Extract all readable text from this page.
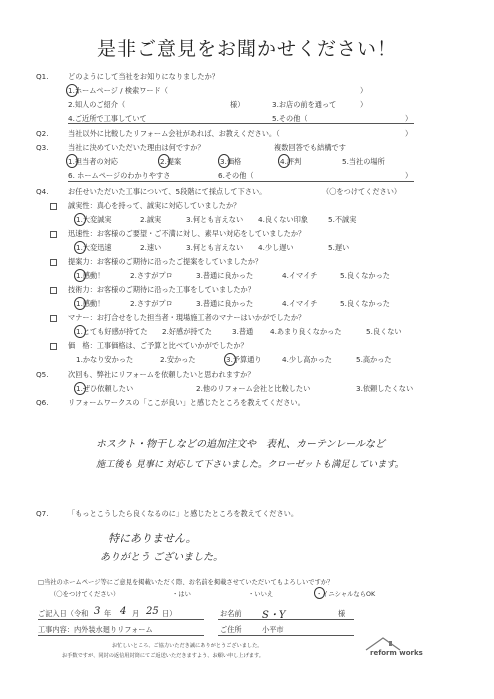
是非ご意見をお聞かせください！
Q1.	どのようにして当社をお知りになりましたか？
1.ホームページ / 検索ワード（	）
2.知人のご紹介（	様）	3.お店の前を通って	）
4.ご近所で工事していて	5.その他（	）
Q2.	当社以外に比較したリフォーム会社があれば、お教えください。（	）
Q3.	当社に決めていただいた理由は何ですか？	複数回答でも結構です
1.担当者の対応	2.提案	3.価格	4.評判	5.当社の場所
6. ホームページのわかりやすさ	6.その他（	）
Q4.	お任せいただいた工事について、5段階にて採点して下さい。	（〇をつけてください）
誠実性：真心を持って、誠実に対応していましたか？
1.大変誠実	2.誠実	3.何とも言えない 4.良くない印象	5.不誠実
迅速性：お客様のご要望・ご不満に対し、素早い対応をしていましたか？
1.大変迅速	2.速い	3.何とも言えない 4.少し遅い	5.遅い
提案力：お客様のご期待に沿ったご提案をしていましたか？
1.感動！	2.さすがプロ	3.普通に良かった	4.イマイチ	5.良くなかった
技術力：お客様のご期待に沿った工事をしていましたか？
1.感動！	2.さすがプロ	3.普通に良かった	4.イマイチ	5.良くなかった
マナー：お打合せをした担当者・現場施工者のマナーはいかがでしたか？
1.とても好感が持てた 2.好感が持てた	3.普通 4.あまり良くなかった	5.良くない
価　格：工事価格は、ご予算と比べていかがでしたか？
1.かなり安かった	2.安かった	3.予算通り	4.少し高かった	5.高かった
Q5.	次回も、弊社にリフォームを依頼したいと思われますか？
1.ぜひ依頼したい	2.他のリフォーム会社と比較したい	3.依頼したくない
Q6.	リフォームワークスの「ここが良い」と感じたところを教えてください。
ホスクト・物干しなどの追加注文や　表札、カーテンレールなど
施工後も 見事に 対応して下さいました。クローゼットも満足しています。
Q7.	「もっとこうしたら良くなるのに」と感じたところを教えてください。
特にありません。
ありがとう ございました。
□当社のホームページ等にご意見を掲載いただく際、お名前を掲載させていただいてもよろしいですか？
（〇をつけてください）	・はい	・いいえ	・イニシャルならOK
ご記入日（令和 3 年 4 月 25 日）	お名前 S・Y	様
工事内容：内外装水廻りリフォーム	ご住所	小平市
お忙しいところ、ご協力いただき誠にありがとうございました。
お手数ですが、同封の返信用封筒にてご返送いただきますよう、お願い申し上げます。	reform works
